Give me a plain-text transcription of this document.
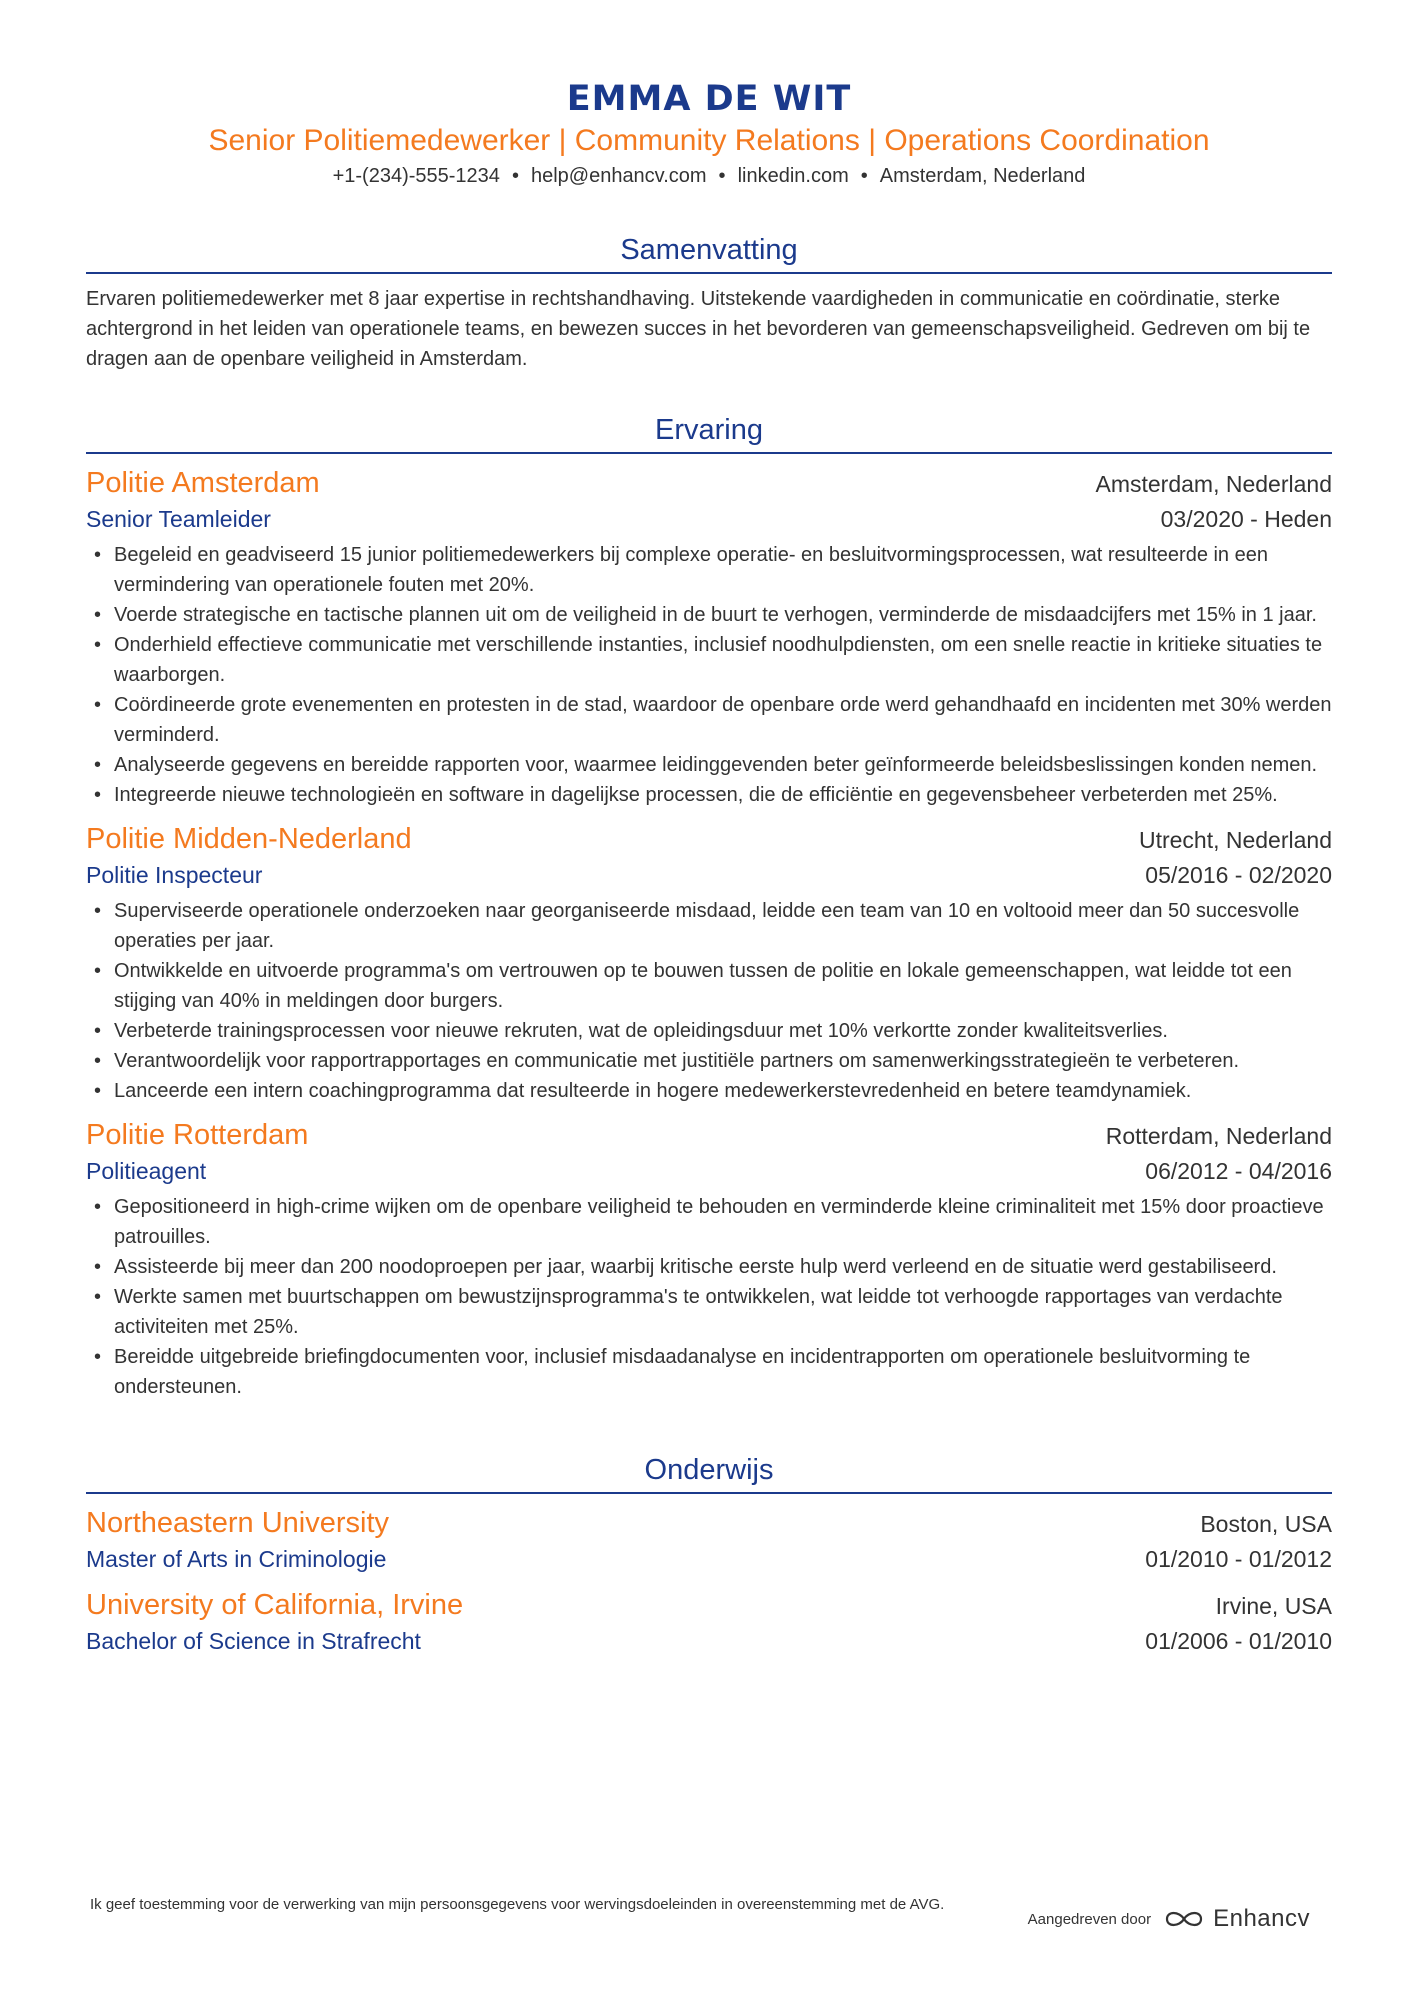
EMMA DE WIT
Senior Politiemedewerker | Community Relations | Operations Coordination
+1-(234)-555-1234 • help@enhancv.com • linkedin.com • Amsterdam, Nederland
Samenvatting
Ervaren politiemedewerker met 8 jaar expertise in rechtshandhaving. Uitstekende vaardigheden in communicatie en coördinatie, sterke achtergrond in het leiden van operationele teams, en bewezen succes in het bevorderen van gemeenschapsveiligheid. Gedreven om bij te dragen aan de openbare veiligheid in Amsterdam.
Ervaring
Politie Amsterdam	Amsterdam, Nederland
Senior Teamleider	03/2020 - Heden
• Begeleid en geadviseerd 15 junior politiemedewerkers bij complexe operatie- en besluitvormingsprocessen, wat resulteerde in een vermindering van operationele fouten met 20%.
• Voerde strategische en tactische plannen uit om de veiligheid in de buurt te verhogen, verminderde de misdaadcijfers met 15% in 1 jaar.
• Onderhield effectieve communicatie met verschillende instanties, inclusief noodhulpdiensten, om een snelle reactie in kritieke situaties te waarborgen.
• Coördineerde grote evenementen en protesten in de stad, waardoor de openbare orde werd gehandhaafd en incidenten met 30% werden verminderd.
• Analyseerde gegevens en bereidde rapporten voor, waarmee leidinggevenden beter geïnformeerde beleidsbeslissingen konden nemen.
• Integreerde nieuwe technologieën en software in dagelijkse processen, die de efficiëntie en gegevensbeheer verbeterden met 25%.
Politie Midden-Nederland	Utrecht, Nederland
Politie Inspecteur	05/2016 - 02/2020
• Superviseerde operationele onderzoeken naar georganiseerde misdaad, leidde een team van 10 en voltooid meer dan 50 succesvolle operaties per jaar.
• Ontwikkelde en uitvoerde programma's om vertrouwen op te bouwen tussen de politie en lokale gemeenschappen, wat leidde tot een stijging van 40% in meldingen door burgers.
• Verbeterde trainingsprocessen voor nieuwe rekruten, wat de opleidingsduur met 10% verkortte zonder kwaliteitsverlies.
• Verantwoordelijk voor rapportrapportages en communicatie met justitiële partners om samenwerkingsstrategieën te verbeteren.
• Lanceerde een intern coachingprogramma dat resulteerde in hogere medewerkerstevredenheid en betere teamdynamiek.
Politie Rotterdam	Rotterdam, Nederland
Politieagent	06/2012 - 04/2016
• Gepositioneerd in high-crime wijken om de openbare veiligheid te behouden en verminderde kleine criminaliteit met 15% door proactieve patrouilles.
• Assisteerde bij meer dan 200 noodoproepen per jaar, waarbij kritische eerste hulp werd verleend en de situatie werd gestabiliseerd.
• Werkte samen met buurtschappen om bewustzijnsprogramma's te ontwikkelen, wat leidde tot verhoogde rapportages van verdachte activiteiten met 25%.
• Bereidde uitgebreide briefingdocumenten voor, inclusief misdaadanalyse en incidentrapporten om operationele besluitvorming te ondersteunen.
Onderwijs
Northeastern University	Boston, USA
Master of Arts in Criminologie	01/2010 - 01/2012
University of California, Irvine	Irvine, USA
Bachelor of Science in Strafrecht	01/2006 - 01/2010
Ik geef toestemming voor de verwerking van mijn persoonsgegevens voor wervingsdoeleinden in overeenstemming met de AVG.
Aangedreven door	Enhancv
